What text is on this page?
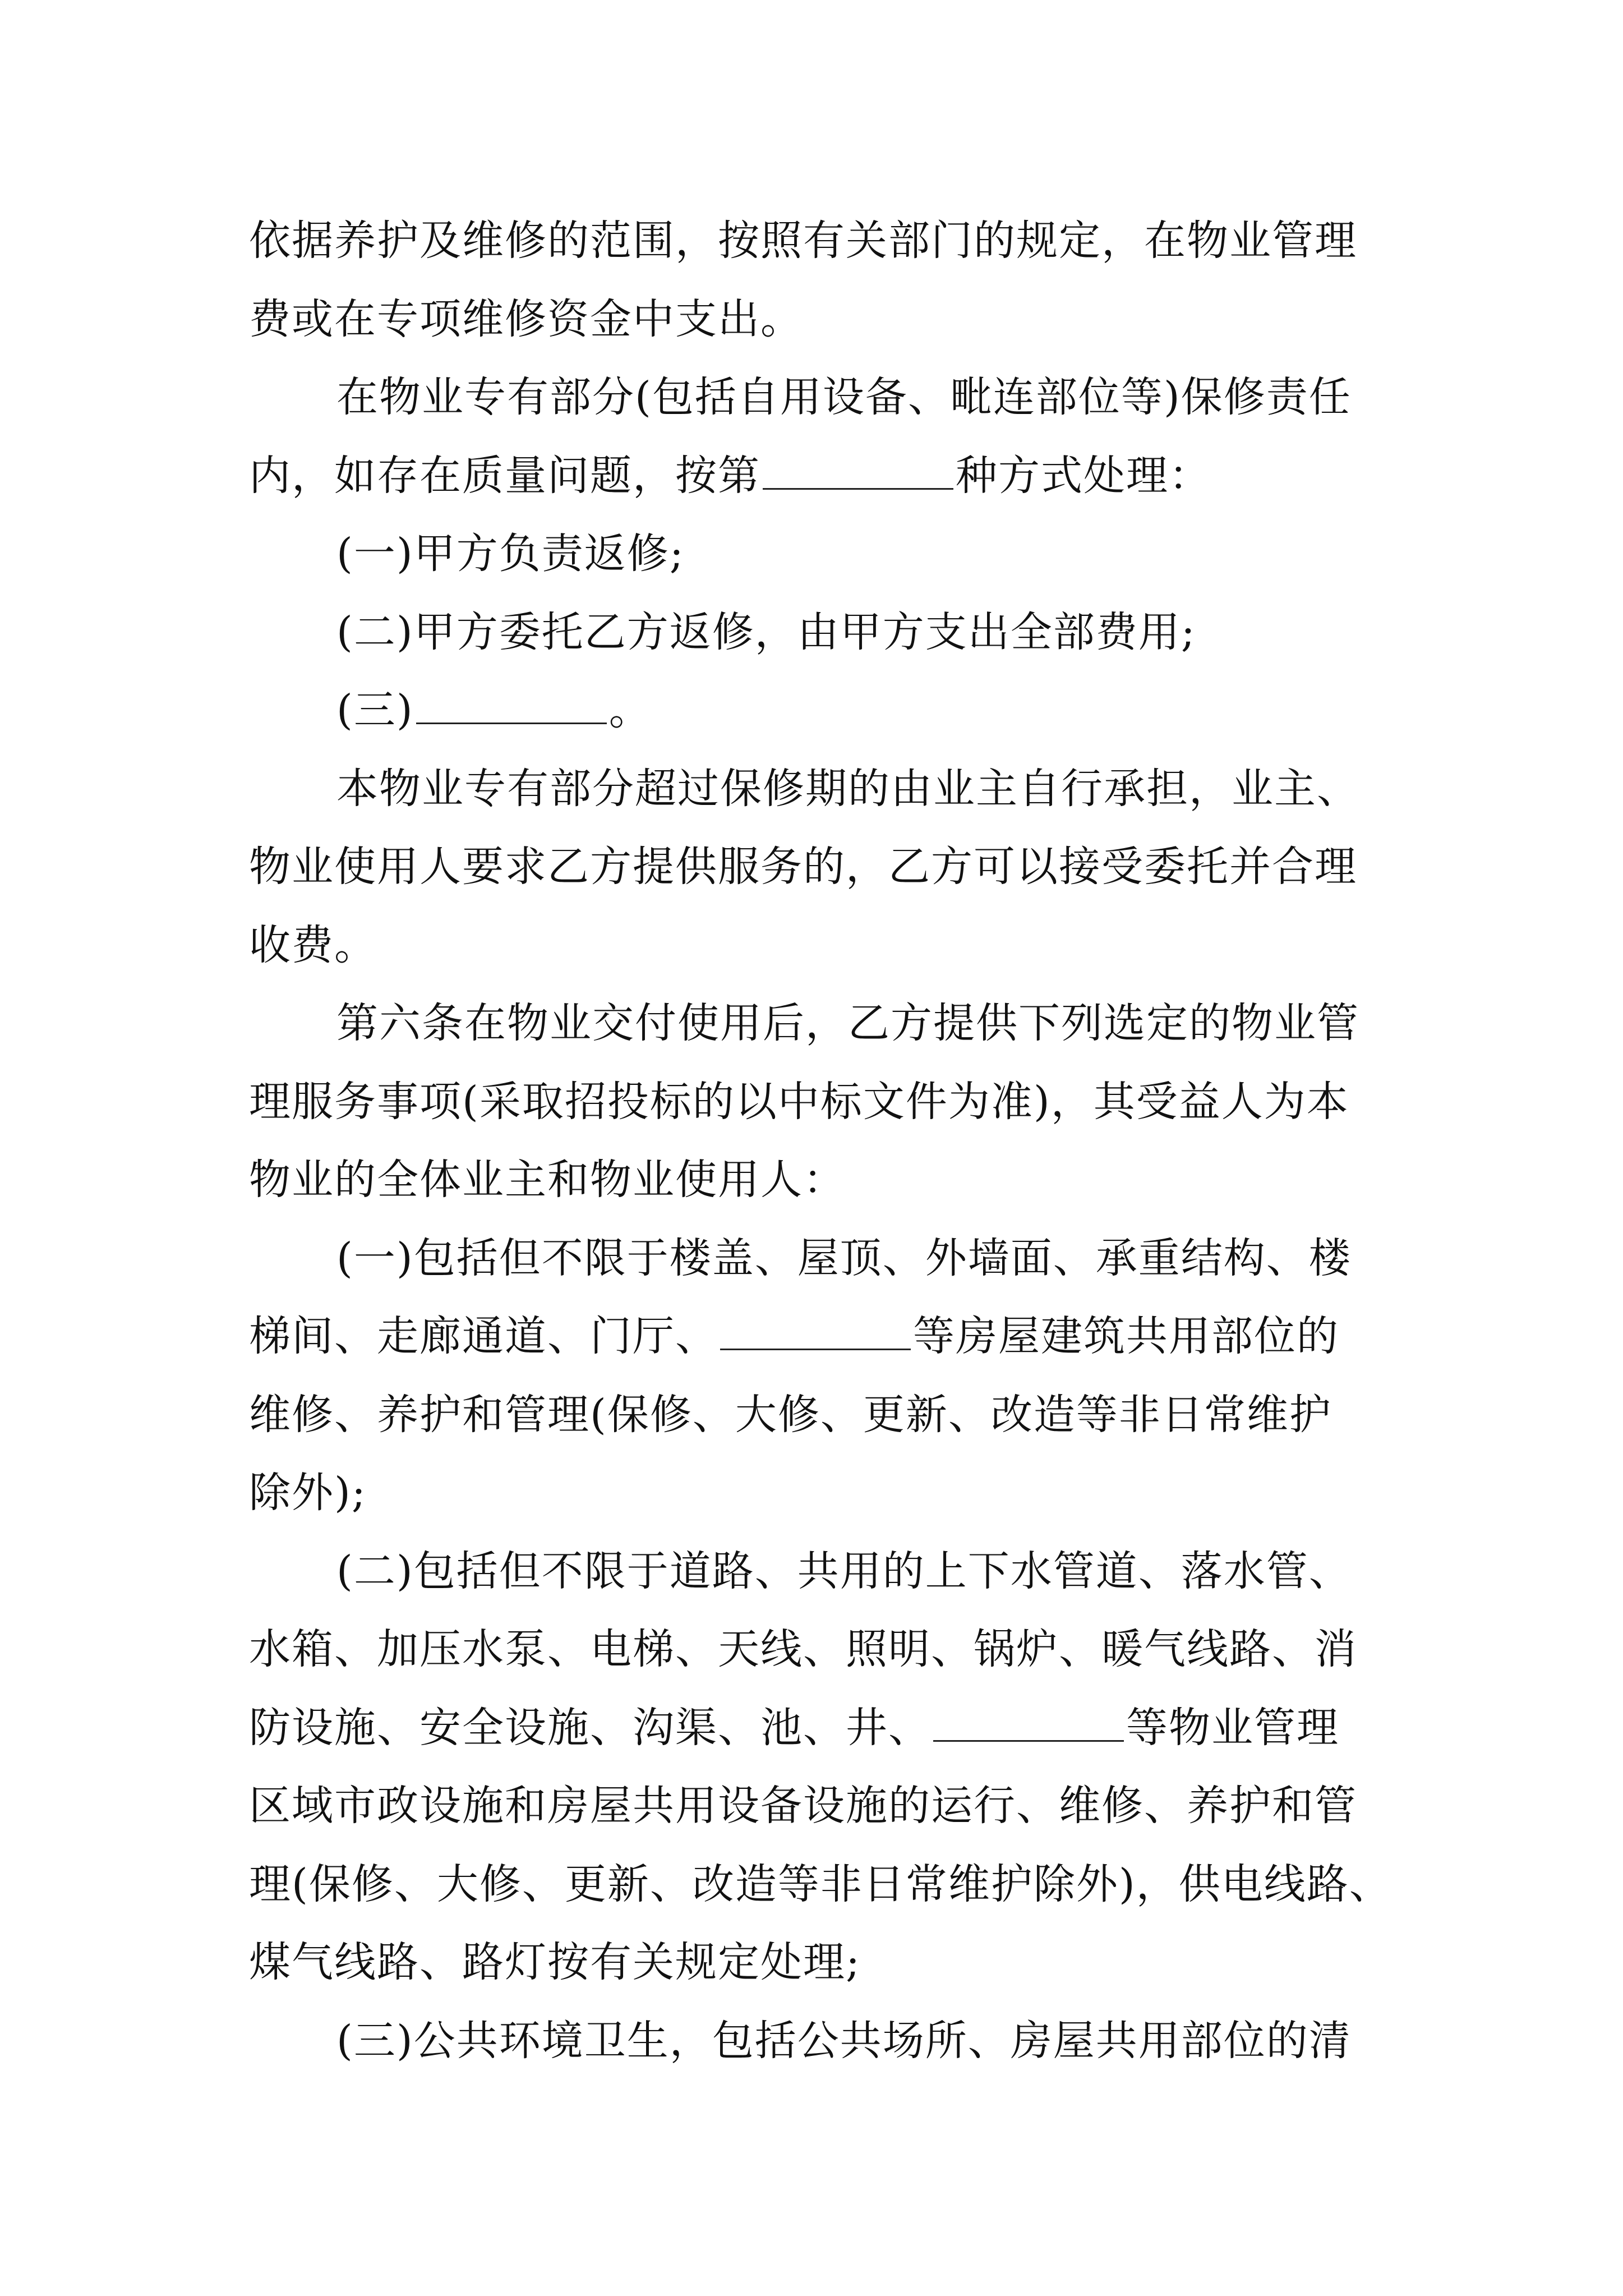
依据养护及维修的范围，按照有关部门的规定，在物业管理
费或在专项维修资金中支出。

在物业专有部分(包括自用设备、毗连部位等)保修责任

内，如存在质量问题，按第	种方式处理：

(一)甲方负责返修;

(二)甲方委托乙方返修，由甲方支出全部费用;

(三)	。

本物业专有部分超过保修期的由业主自行承担，业主、

物业使用人要求乙方提供服务的，乙方可以接受委托并合理
收费。

第六条在物业交付使用后，乙方提供下列选定的物业管

理服务事项(采取招投标的以中标文件为准)，其受益人为本
物业的全体业主和物业使用人：

(一)包括但不限于楼盖、屋顶、外墙面、承重结构、楼

梯间、走廊通道、门厅、	等房屋建筑共用部位的
维修、养护和管理(保修、大修、更新、改造等非日常维护
除外);

(二)包括但不限于道路、共用的上下水管道、落水管、

水箱、加压水泵、电梯、天线、照明、锅炉、暖气线路、消
防设施、安全设施、沟渠、池、井、	等物业管理
区域市政设施和房屋共用设备设施的运行、维修、养护和管
理(保修、大修、更新、改造等非日常维护除外)，供电线路、
煤气线路、路灯按有关规定处理;

(三)公共环境卫生，包括公共场所、房屋共用部位的清
